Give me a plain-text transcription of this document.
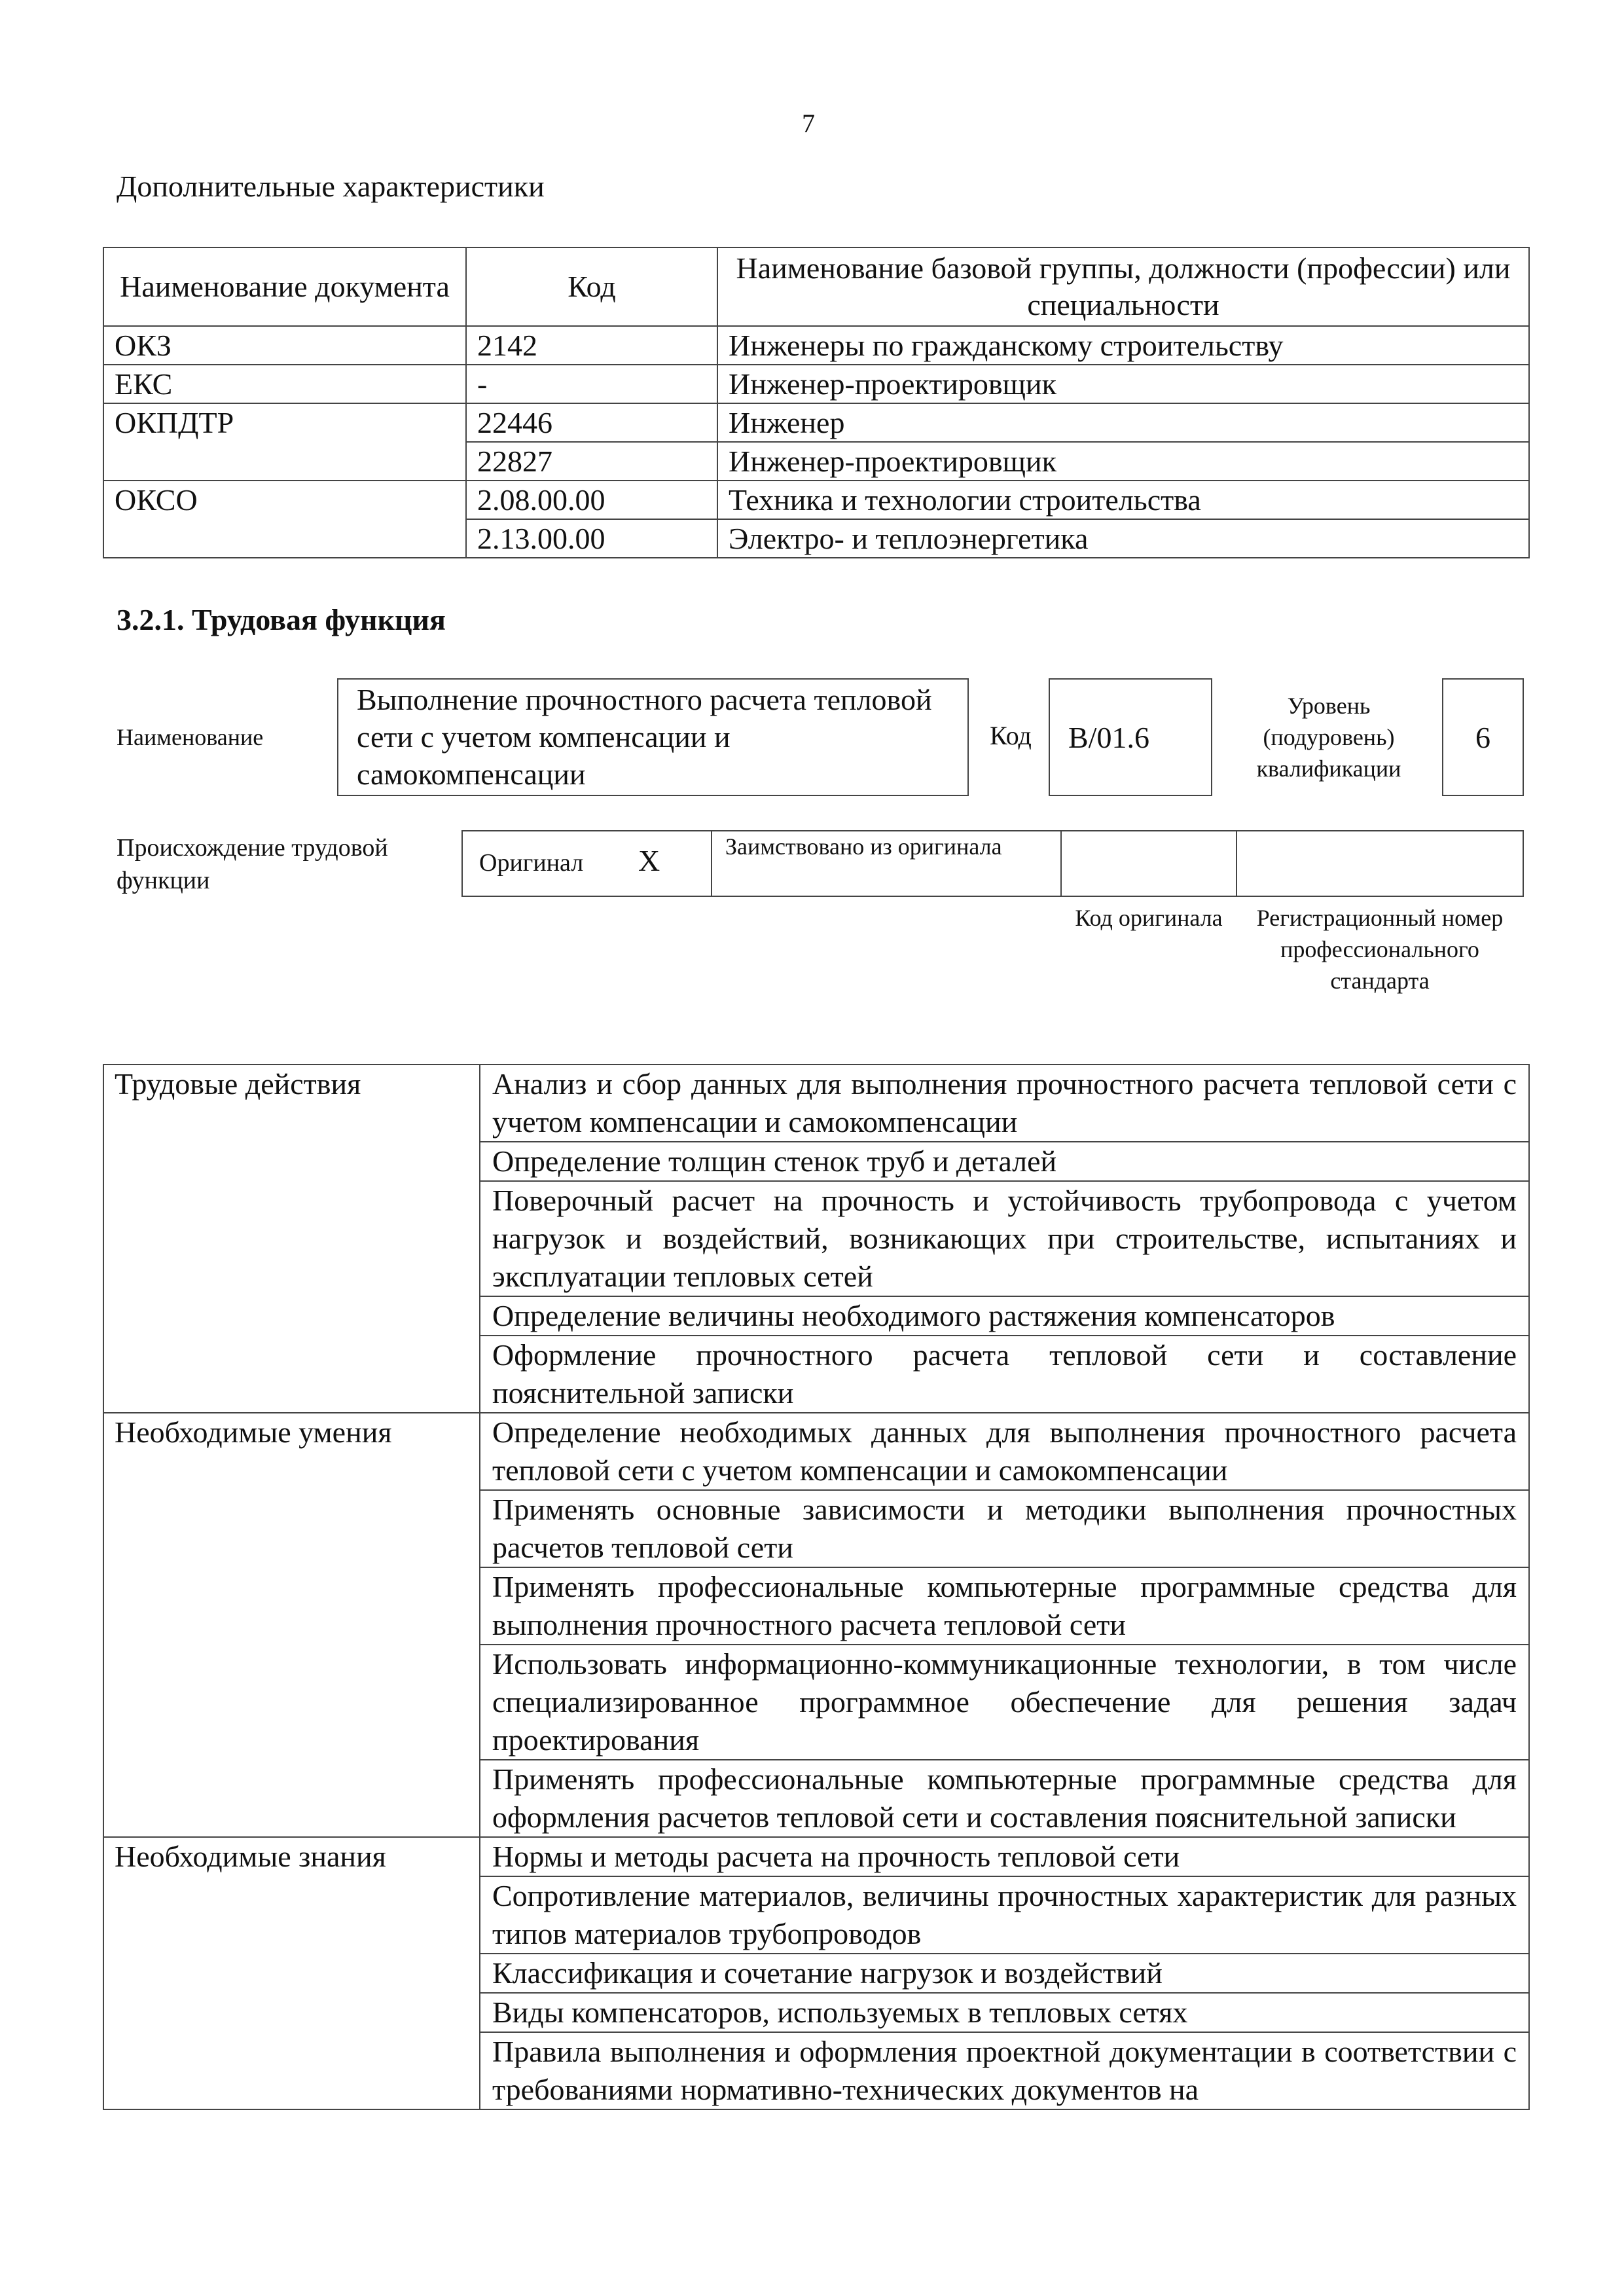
7
Дополнительные характеристики
Наименование документа	Код	Наименование базовой группы, должности (профессии) или специальности
ОКЗ	2142	Инженеры по гражданскому строительству
ЕКС	-	Инженер-проектировщик
ОКПДТР	22446	Инженер
	22827	Инженер-проектировщик
ОКСО	2.08.00.00	Техника и технологии строительства
	2.13.00.00	Электро- и теплоэнергетика
3.2.1. Трудовая функция
Наименование
Выполнение прочностного расчета тепловой сети с учетом компенсации и самокомпенсации
Код	B/01.6
Уровень (подуровень) квалификации
6
Происхождение трудовой функции
Оригинал X	Заимствовано из оригинала
Код оригинала	Регистрационный номер профессионального стандарта
Трудовые действия	Анализ и сбор данных для выполнения прочностного расчета тепловой сети с учетом компенсации и самокомпенсации
	Определение толщин стенок труб и деталей
	Поверочный расчет на прочность и устойчивость трубопровода с учетом нагрузок и воздействий, возникающих при строительстве, испытаниях и эксплуатации тепловых сетей
	Определение величины необходимого растяжения компенсаторов
	Оформление прочностного расчета тепловой сети и составление пояснительной записки
Необходимые умения	Определение необходимых данных для выполнения прочностного расчета тепловой сети с учетом компенсации и самокомпенсации
	Применять основные зависимости и методики выполнения прочностных расчетов тепловой сети
	Применять профессиональные компьютерные программные средства для выполнения прочностного расчета тепловой сети
	Использовать информационно-коммуникационные технологии, в том числе специализированное программное обеспечение для решения задач проектирования
	Применять профессиональные компьютерные программные средства для оформления расчетов тепловой сети и составления пояснительной записки
Необходимые знания	Нормы и методы расчета на прочность тепловой сети
	Сопротивление материалов, величины прочностных характеристик для разных типов материалов трубопроводов
	Классификация и сочетание нагрузок и воздействий
	Виды компенсаторов, используемых в тепловых сетях
	Правила выполнения и оформления проектной документации в соответствии с требованиями нормативно-технических документов на
